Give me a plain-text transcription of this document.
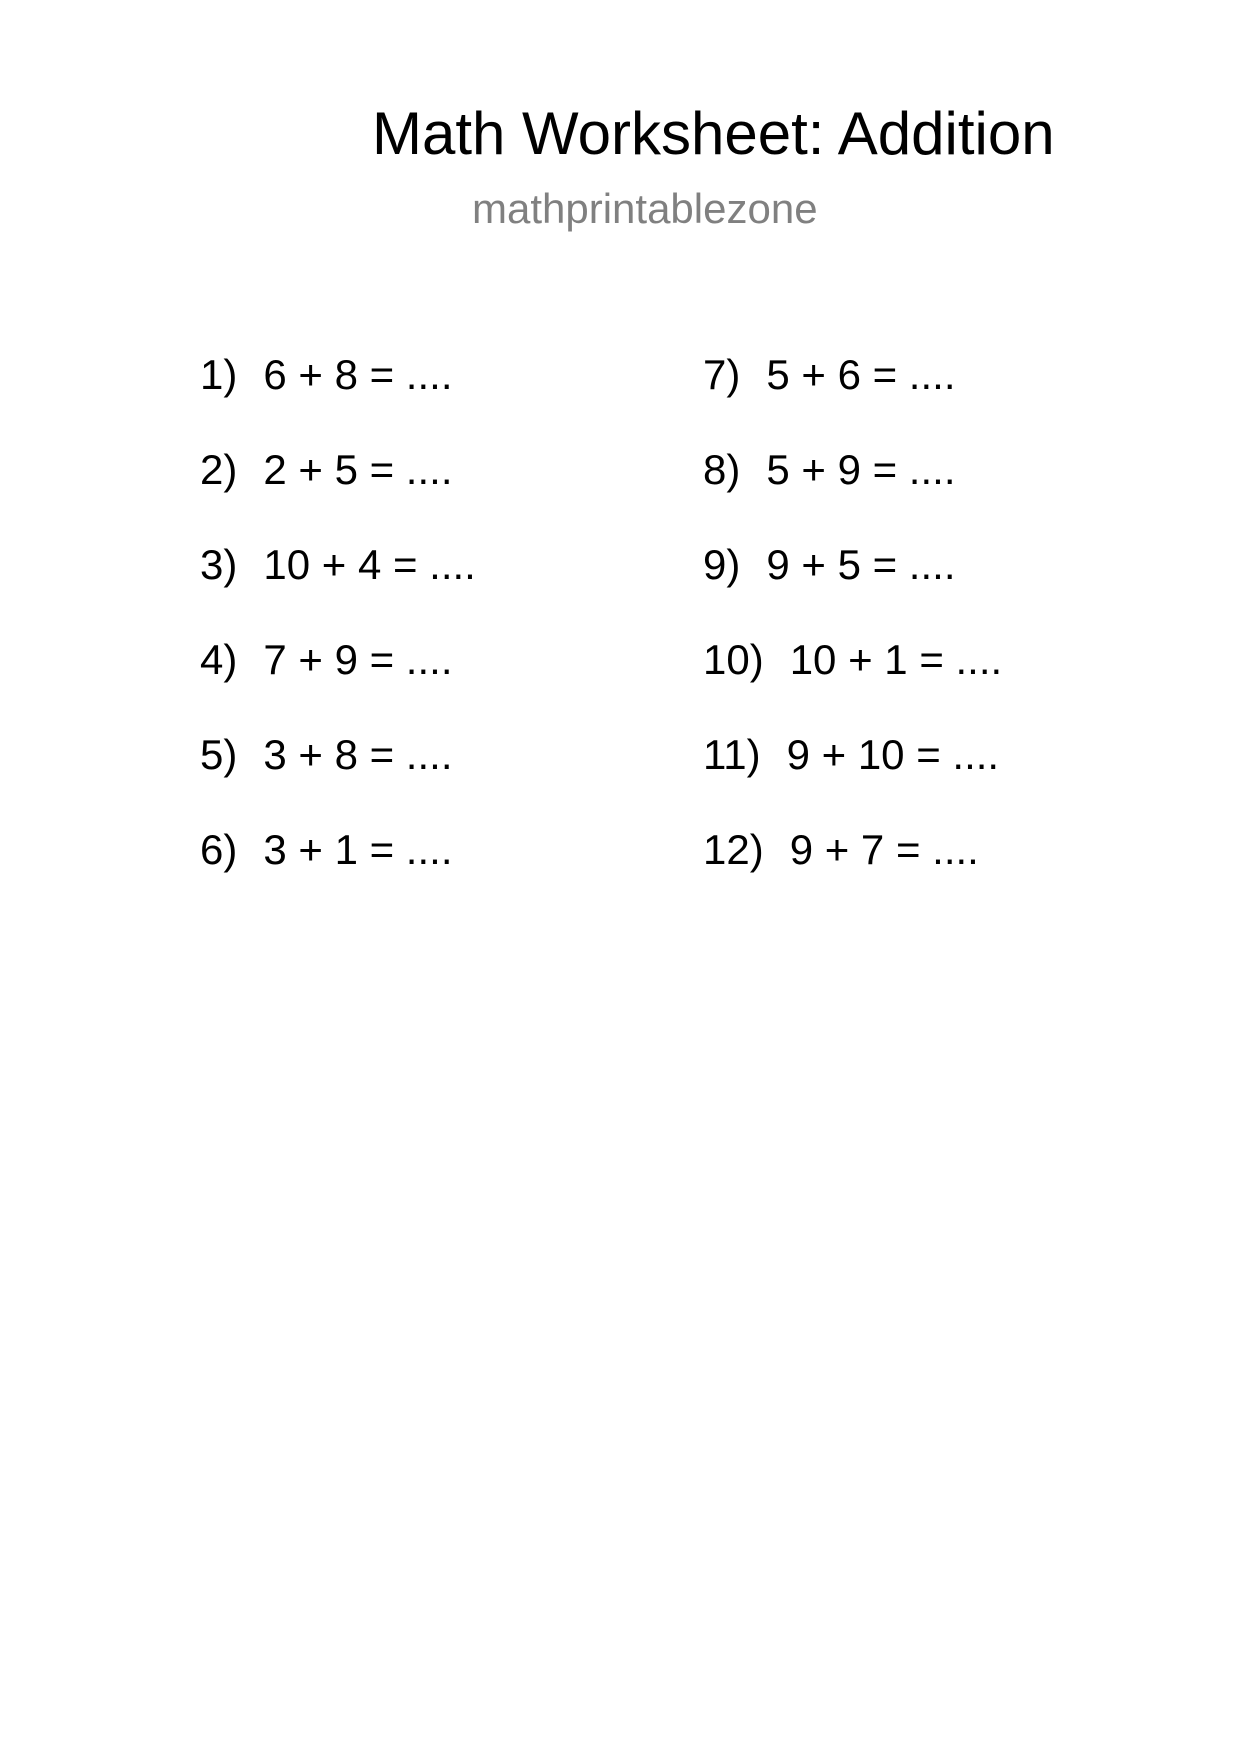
Math Worksheet: Addition
mathprintablezone
1) 6 + 8 = ....
2) 2 + 5 = ....
3) 10 + 4 = ....
4) 7 + 9 = ....
5) 3 + 8 = ....
6) 3 + 1 = ....
7) 5 + 6 = ....
8) 5 + 9 = ....
9) 9 + 5 = ....
10) 10 + 1 = ....
11) 9 + 10 = ....
12) 9 + 7 = ....
